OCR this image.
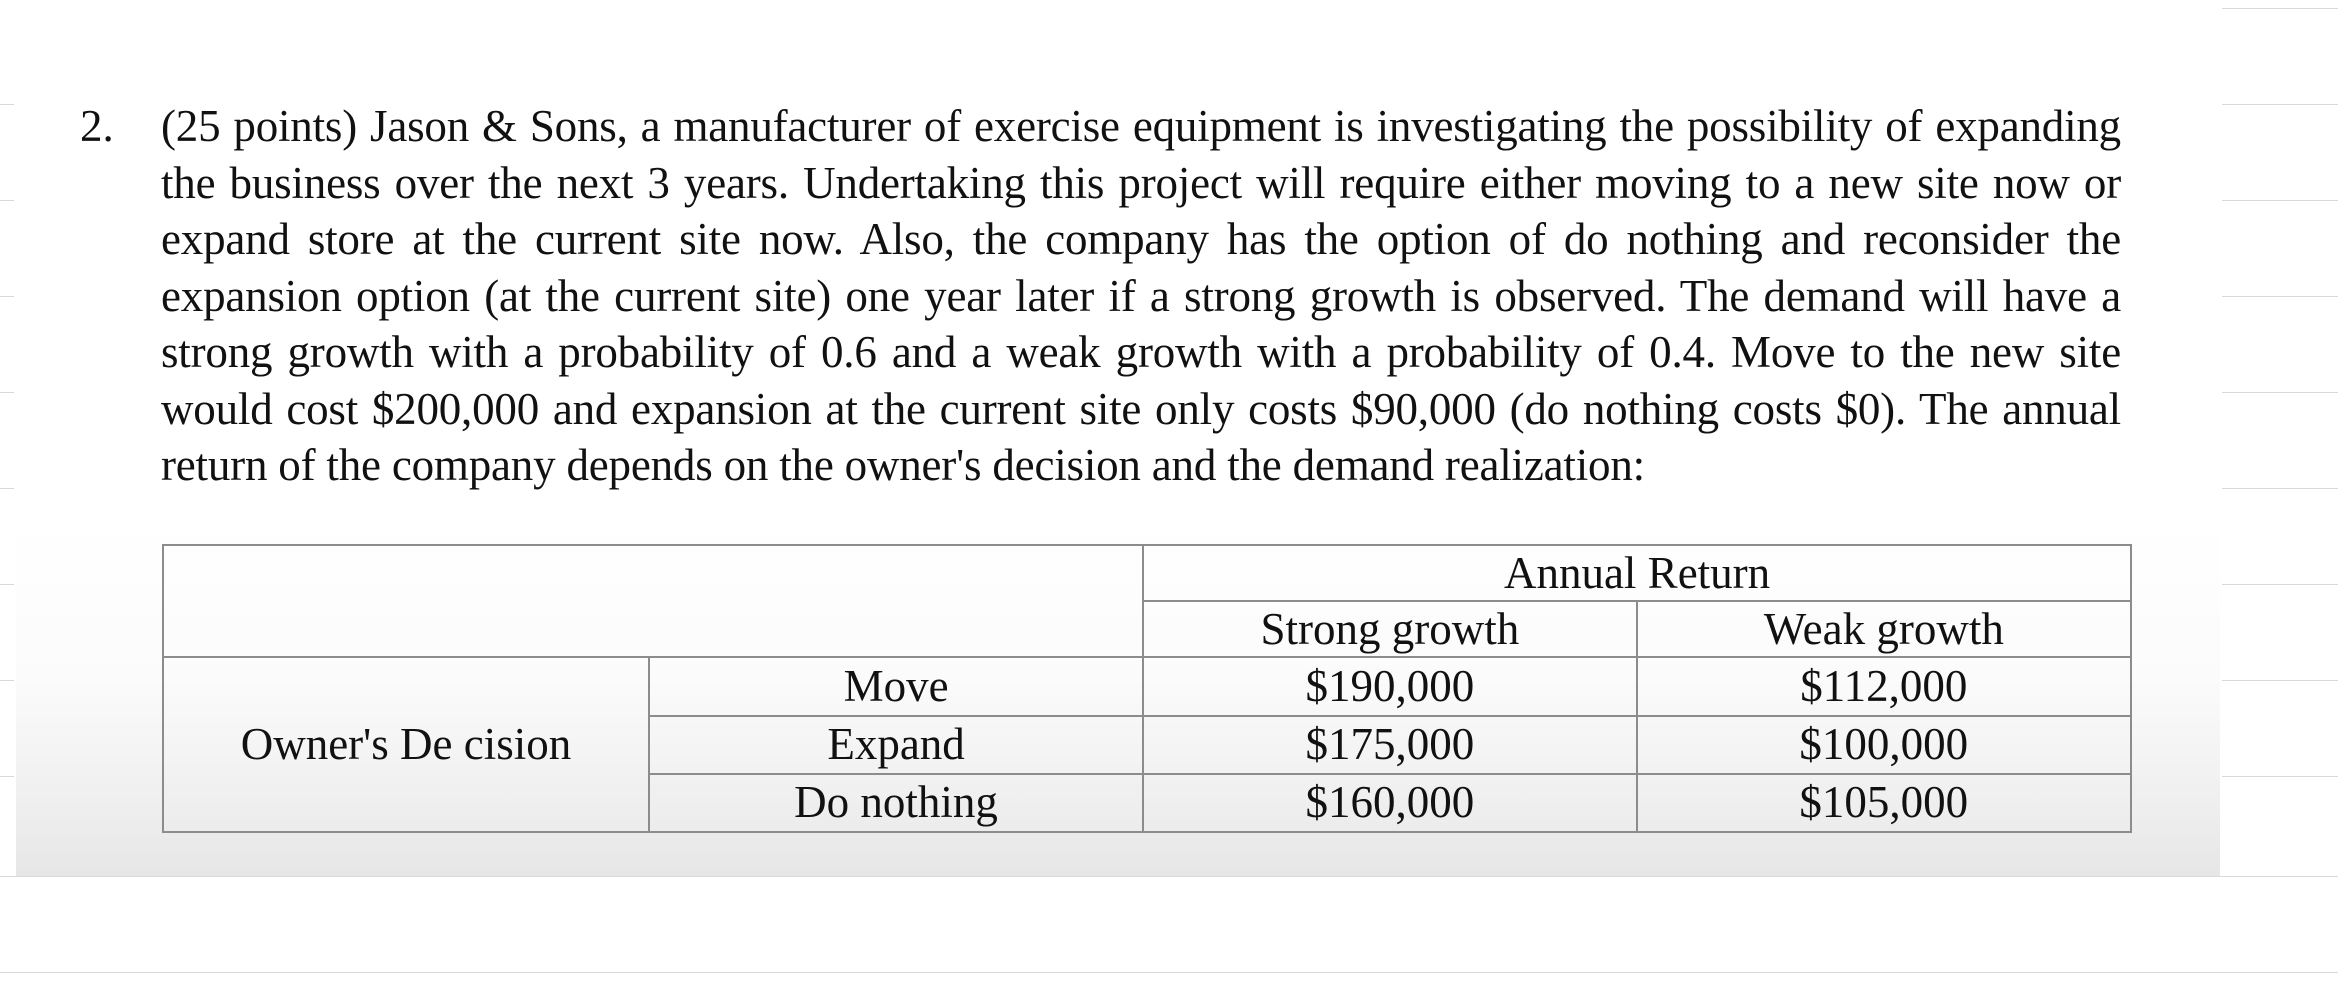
2. (25 points) Jason & Sons, a manufacturer of exercise equipment is investigating the possibility of expanding the business over the next 3 years. Undertaking this project will require either moving to a new site now or expand store at the current site now. Also, the company has the option of do nothing and reconsider the expansion option (at the current site) one year later if a strong growth is observed. The demand will have a strong growth with a probability of 0.6 and a weak growth with a probability of 0.4. Move to the new site would cost $200,000 and expansion at the current site only costs $90,000 (do nothing costs $0). The annual return of the company depends on the owner's decision and the demand realization:
		Annual Return	
		Strong growth	Weak growth
Owner's De cision	Move	$190,000	$112,000
	Expand	$175,000	$100,000
	Do nothing	$160,000	$105,000
